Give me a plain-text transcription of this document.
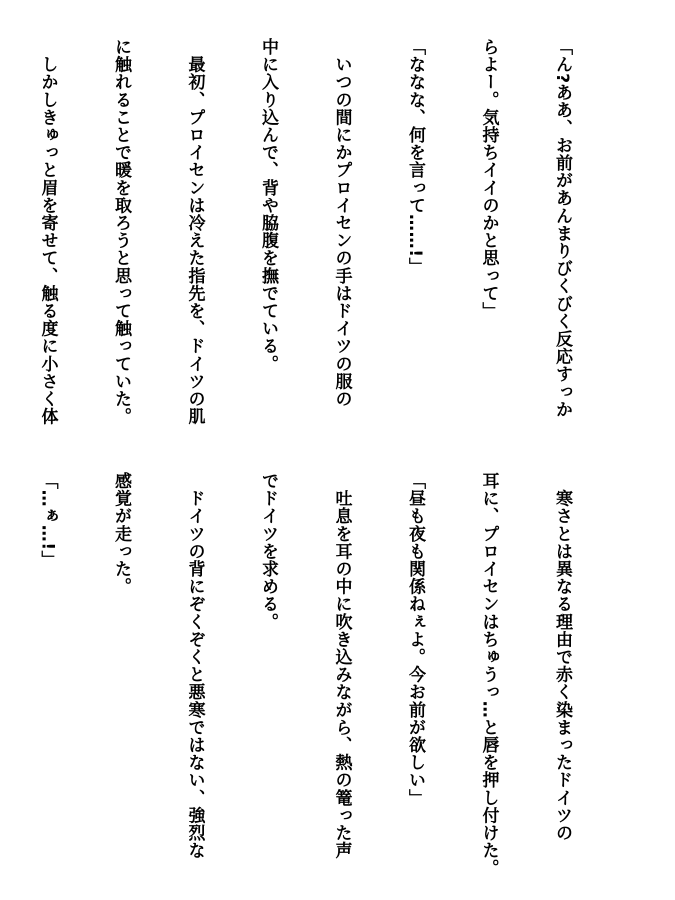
「ん?ああ、お前があんまりびくびく反応すっか

らよー。気持ちイイのかと思って」

「ななな、何を言って……!」

　いつの間にかプロイセンの手はドイツの服の

中に入り込んで、背や脇腹を撫でている。

　最初、プロイセンは冷えた指先を、ドイツの肌

に触れることで暖を取ろうと思って触っていた。

　しかしきゅっと眉を寄せて、触る度に小さく体

　寒さとは異なる理由で赤く染まったドイツの

耳に、プロイセンはちゅうっ…と唇を押し付けた。

「昼も夜も関係ねぇよ。今お前が欲しい」

　吐息を耳の中に吹き込みながら、熱の篭った声

でドイツを求める。

　ドイツの背にぞくぞくと悪寒ではない、強烈な

感覚が走った。

「…ぁ…!」
